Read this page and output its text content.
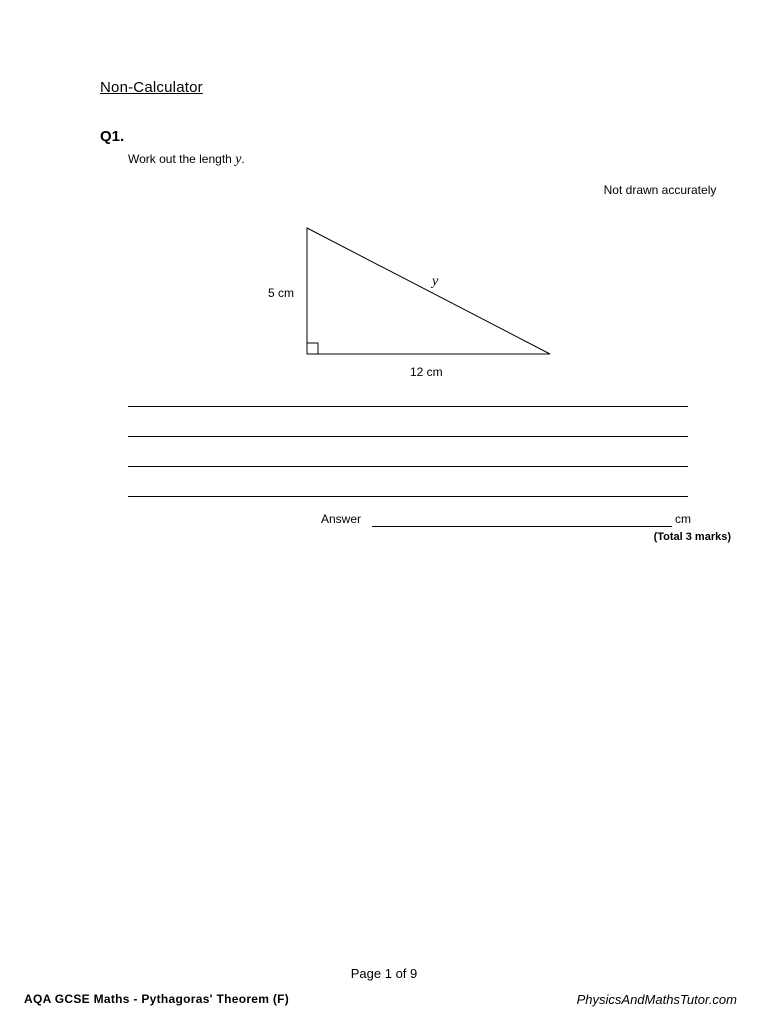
Non-Calculator
Q1.
Work out the length y.
Not drawn accurately
5 cm
12 cm
y
Answer	cm
(Total 3 marks)
Page 1 of 9
AQA GCSE Maths - Pythagoras' Theorem (F)	PhysicsAndMathsTutor.com
